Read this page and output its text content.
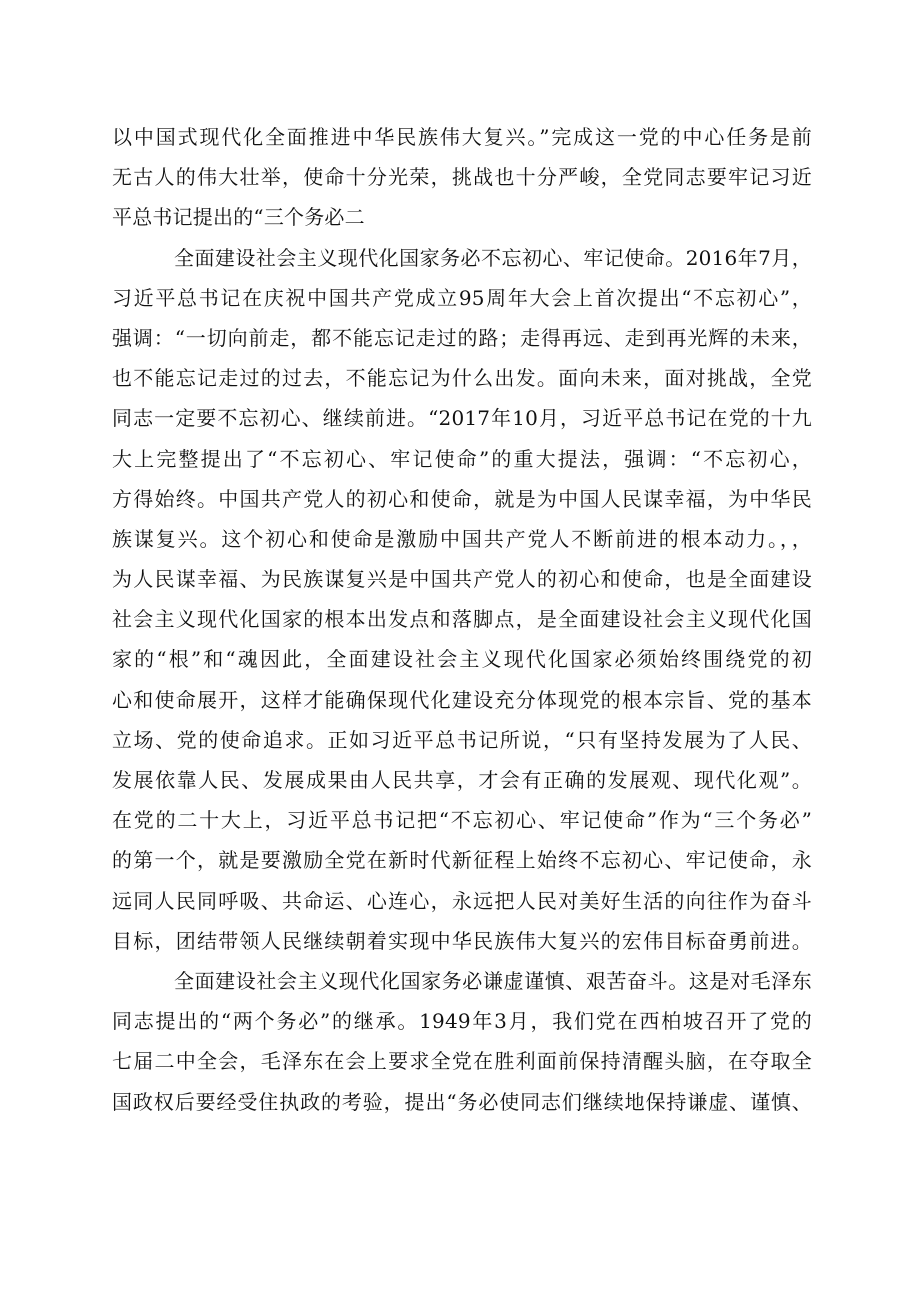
以中国式现代化全面推进中华民族伟大复兴。”完成这一党的中心任务是前
无古人的伟大壮举，使命十分光荣，挑战也十分严峻，全党同志要牢记习近
平总书记提出的“三个务必二
全面建设社会主义现代化国家务必不忘初心、牢记使命。2016年7月，
习近平总书记在庆祝中国共产党成立95周年大会上首次提出“不忘初心”，
强调：“一切向前走，都不能忘记走过的路；走得再远、走到再光辉的未来，
也不能忘记走过的过去，不能忘记为什么出发。面向未来，面对挑战，全党
同志一定要不忘初心、继续前进。“2017年10月，习近平总书记在党的十九
大上完整提出了“不忘初心、牢记使命”的重大提法，强调：“不忘初心，
方得始终。中国共产党人的初心和使命，就是为中国人民谋幸福，为中华民
族谋复兴。这个初心和使命是激励中国共产党人不断前进的根本动力。，，
为人民谋幸福、为民族谋复兴是中国共产党人的初心和使命，也是全面建设
社会主义现代化国家的根本出发点和落脚点，是全面建设社会主义现代化国
家的“根”和“魂因此，全面建设社会主义现代化国家必须始终围绕党的初
心和使命展开，这样才能确保现代化建设充分体现党的根本宗旨、党的基本
立场、党的使命追求。正如习近平总书记所说，“只有坚持发展为了人民、
发展依靠人民、发展成果由人民共享，才会有正确的发展观、现代化观”。
在党的二十大上，习近平总书记把“不忘初心、牢记使命”作为“三个务必”
的第一个，就是要激励全党在新时代新征程上始终不忘初心、牢记使命，永
远同人民同呼吸、共命运、心连心，永远把人民对美好生活的向往作为奋斗
目标，团结带领人民继续朝着实现中华民族伟大复兴的宏伟目标奋勇前进。
全面建设社会主义现代化国家务必谦虚谨慎、艰苦奋斗。这是对毛泽东
同志提出的“两个务必”的继承。1949年3月，我们党在西柏坡召开了党的
七届二中全会，毛泽东在会上要求全党在胜利面前保持清醒头脑，在夺取全
国政权后要经受住执政的考验，提出“务必使同志们继续地保持谦虚、谨慎、
